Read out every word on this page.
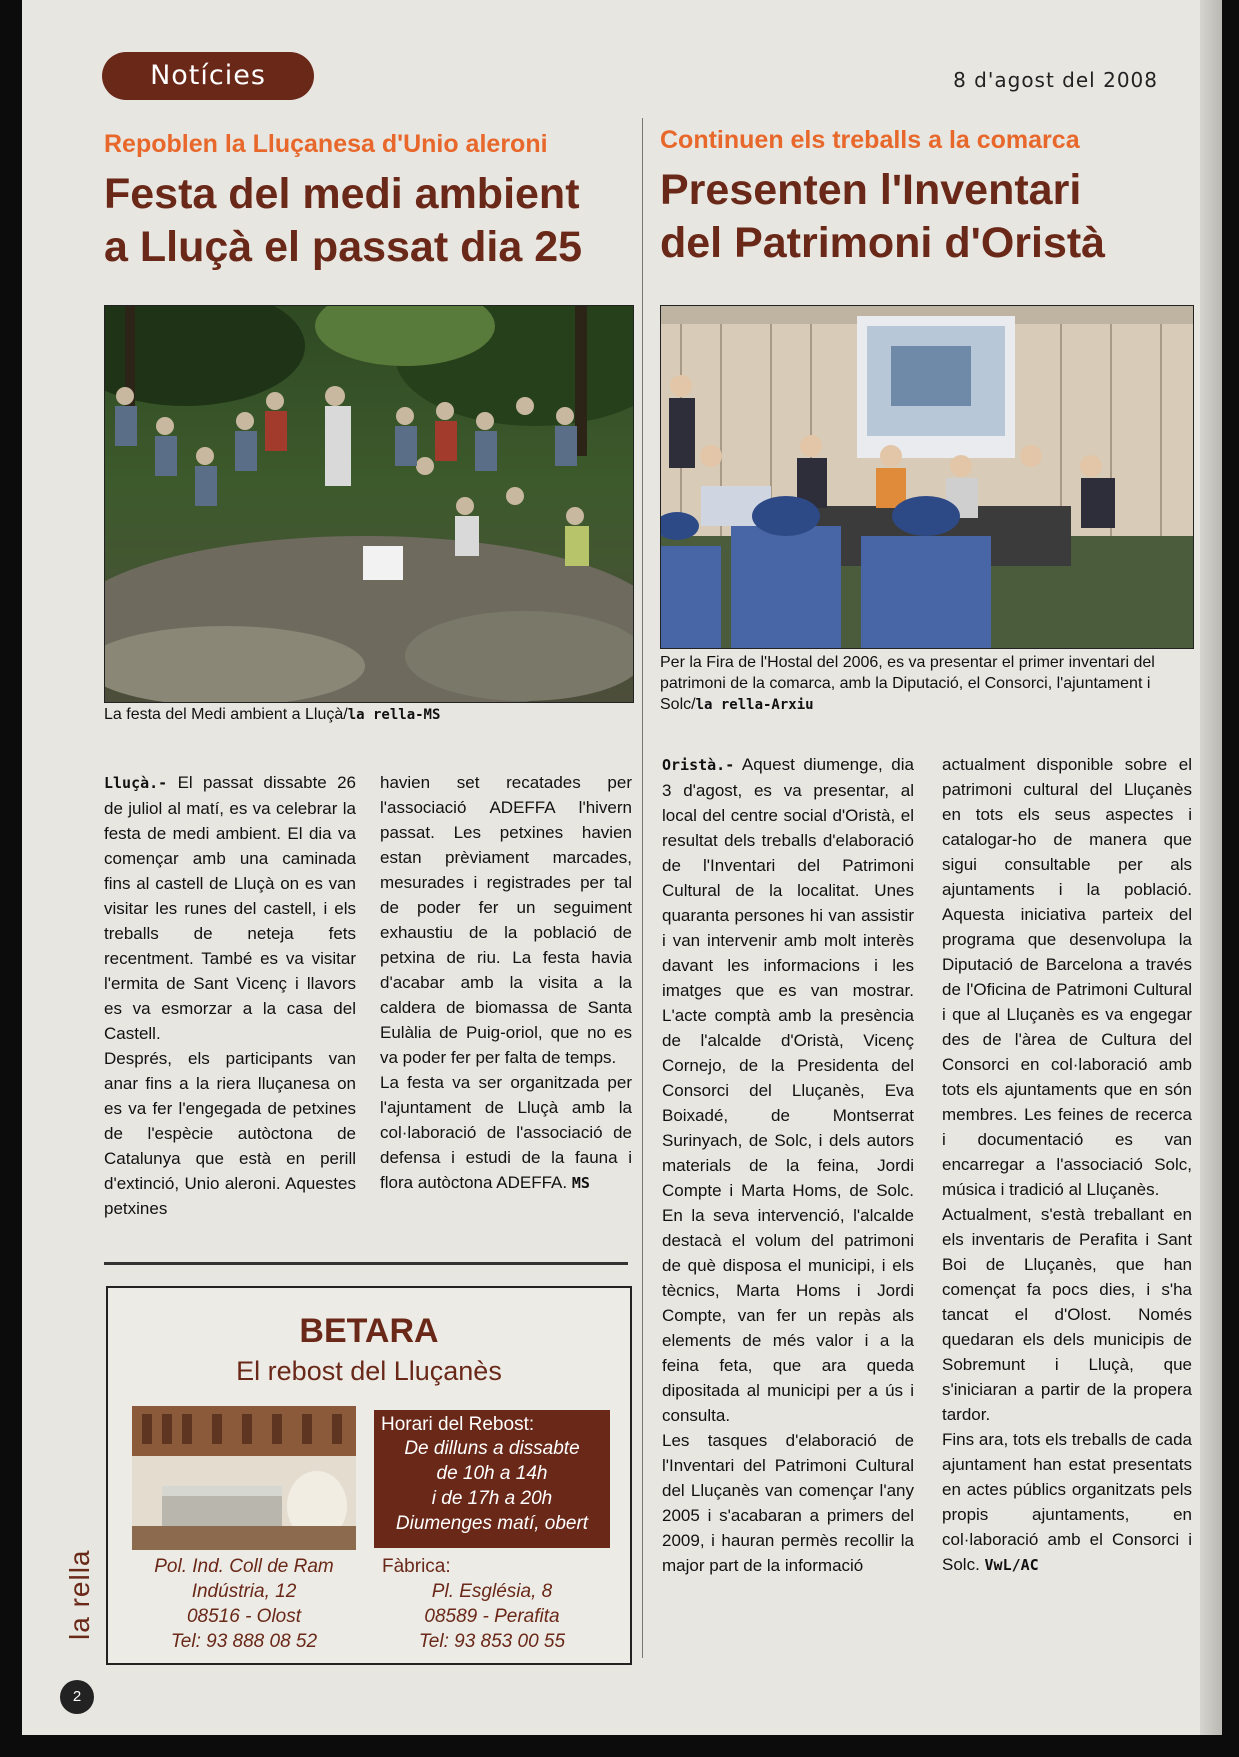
Notícies	8 d'agost del 2008
Repoblen la Lluçanesa d'Unio aleroni
Festa del medi ambient
a Lluçà el passat dia 25
La festa del Medi ambient a Lluçà/la rella-MS

Lluçà.- El passat dissabte 26 de juliol al matí, es va celebrar la festa de medi ambient. El dia va començar amb una caminada fins al castell de Lluçà on es van visitar les runes del castell, i els treballs de neteja fets recentment. També es va visitar l'ermita de Sant Vicenç i llavors es va esmorzar a la casa del Castell.

Després, els participants van anar fins a la riera lluçanesa on es va fer l'engegada de petxines de l'espècie autòctona de Catalunya que està en perill d'extinció, Unio aleroni. Aquestes petxines

havien set recatades per l'associació ADEFFA l'hivern passat. Les petxines havien estan prèviament marcades, mesurades i registrades per tal de poder fer un seguiment exhaustiu de la població de petxina de riu. La festa havia d'acabar amb la visita a la caldera de biomassa de Santa Eulàlia de Puig-oriol, que no es va poder fer per falta de temps.

La festa va ser organitzada per l'ajuntament de Lluçà amb la col·laboració de l'associació de defensa i estudi de la fauna i flora autòctona ADEFFA. MS

BETARA
El rebost del Lluçanès
Horari del Rebost:
De dilluns a dissabte
de 10h a 14h
i de 17h a 20h
Diumenges matí, obert
Pol. Ind. Coll de Ram
Indústria, 12
08516 - Olost
Tel: 93 888 08 52
Fàbrica:
Pl. Església, 8
08589 - Perafita
Tel: 93 853 00 55
Continuen els treballs a la comarca
Presenten l'Inventari
del Patrimoni d'Oristà
Per la Fira de l'Hostal del 2006, es va presentar el primer inventari del patrimoni de la comarca, amb la Diputació, el Consorci, l'ajuntament i Solc/la rella-Arxiu

Oristà.- Aquest diumenge, dia 3 d'agost, es va presentar, al local del centre social d'Oristà, el resultat dels treballs d'elaboració de l'Inventari del Patrimoni Cultural de la localitat. Unes quaranta persones hi van assistir i van intervenir amb molt interès davant les informacions i les imatges que es van mostrar. L'acte comptà amb la presència de l'alcalde d'Oristà, Vicenç Cornejo, de la Presidenta del Consorci del Lluçanès, Eva Boixadé, de Montserrat Surinyach, de Solc, i dels autors materials de la feina, Jordi Compte i Marta Homs, de Solc. En la seva intervenció, l'alcalde destacà el volum del patrimoni de què disposa el municipi, i els tècnics, Marta Homs i Jordi Compte, van fer un repàs als elements de més valor i a la feina feta, que ara queda dipositada al municipi per a ús i consulta.

Les tasques d'elaboració de l'Inventari del Patrimoni Cultural del Lluçanès van començar l'any 2005 i s'acabaran a primers del 2009, i hauran permès recollir la major part de la informació

actualment disponible sobre el patrimoni cultural del Lluçanès en tots els seus aspectes i catalogar-ho de manera que sigui consultable per als ajuntaments i la població. Aquesta iniciativa parteix del programa que desenvolupa la Diputació de Barcelona a través de l'Oficina de Patrimoni Cultural i que al Lluçanès es va engegar des de l'àrea de Cultura del Consorci en col·laboració amb tots els ajuntaments que en són membres. Les feines de recerca i documentació es van encarregar a l'associació Solc, música i tradició al Lluçanès.

Actualment, s'està treballant en els inventaris de Perafita i Sant Boi de Lluçanès, que han començat fa pocs dies, i s'ha tancat el d'Olost. Només quedaran els dels municipis de Sobremunt i Lluçà, que s'iniciaran a partir de la propera tardor.

Fins ara, tots els treballs de cada ajuntament han estat presentats en actes públics organitzats pels propis ajuntaments, en col·laboració amb el Consorci i Solc. VwL/AC

la rella
2
